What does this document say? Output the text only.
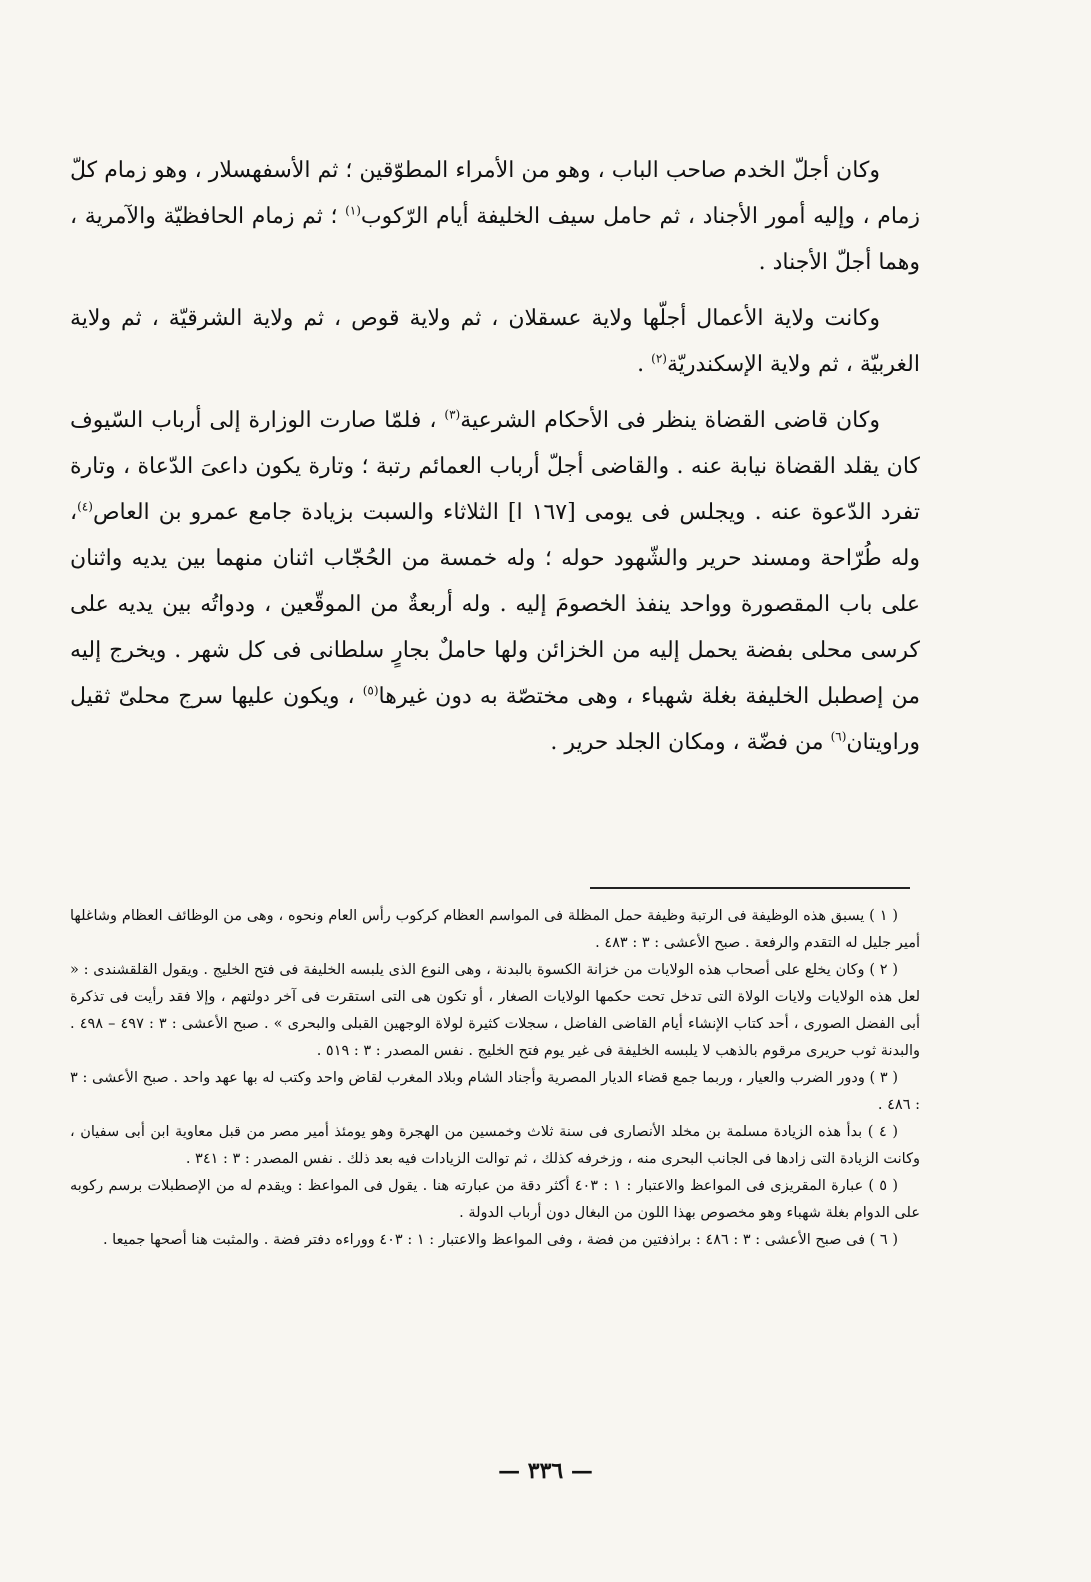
وكان أجلّ الخدم صاحب الباب ، وهو من الأمراء المطوّقين ؛ ثم الأسفهسلار ، وهو زمام كلّ زمام ، وإليه أمور الأجناد ، ثم حامل سيف الخليفة أيام الرّكوب$^{(١)}$ ؛ ثم زمام الحافظيّة والآمرية ، وهما أجلّ الأجناد .

وكانت ولاية الأعمال أجلّها ولاية عسقلان ، ثم ولاية قوص ، ثم ولاية الشرقيّة ، ثم ولاية الغربيّة ، ثم ولاية الإسكندريّة$^{(٢)}$ .

وكان قاضى القضاة ينظر فى الأحكام الشرعية$^{(٣)}$ ، فلمّا صارت الوزارة إلى أرباب السّيوف كان يقلد القضاة نيابة عنه . والقاضى أجلّ أرباب العمائم رتبة ؛ وتارة يكون داعىَ الدّعاة ، وتارة تفرد الدّعوة عنه . ويجلس فى يومى [١٦٧ ا] الثلاثاء والسبت بزيادة جامع عمرو بن العاص$^{(٤)}$، وله طُرّاحة ومسند حرير والشّهود حوله ؛ وله خمسة من الحُجّاب اثنان منهما بين يديه واثنان على باب المقصورة وواحد ينفذ الخصومَ إليه . وله أربعةٌ من الموقّعين ، ودواتُه بين يديه على كرسى محلى بفضة يحمل إليه من الخزائن ولها حاملٌ بجارٍ سلطانى فى كل شهر . ويخرج إليه من إصطبل الخليفة بغلة شهباء ، وهى مختصّة به دون غيرها$^{(٥)}$ ، ويكون عليها سرج محلىّ ثقيل وراويتان$^{(٦)}$ من فضّة ، ومكان الجلد حرير .

( ١ ) يسبق هذه الوظيفة فى الرتبة وظيفة حمل المظلة فى المواسم العظام كركوب رأس العام ونحوه ، وهى من الوظائف العظام وشاغلها أمير جليل له التقدم والرفعة . صبح الأعشى : ٣ : ٤٨٣ .

( ٢ ) وكان يخلع على أصحاب هذه الولايات من خزانة الكسوة بالبدنة ، وهى النوع الذى يلبسه الخليفة فى فتح الخليج . ويقول القلقشندى : « لعل هذه الولايات ولايات الولاة التى تدخل تحت حكمها الولايات الصغار ، أو تكون هى التى استقرت فى آخر دولتهم ، وإلا فقد رأيت فى تذكرة أبى الفضل الصورى ، أحد كتاب الإنشاء أيام القاضى الفاضل ، سجلات كثيرة لولاة الوجهين القبلى والبحرى » . صبح الأعشى : ٣ : ٤٩٧ – ٤٩٨ . والبدنة ثوب حريرى مرقوم بالذهب لا يلبسه الخليفة فى غير يوم فتح الخليج . نفس المصدر : ٣ : ٥١٩ .

( ٣ ) ودور الضرب والعيار ، وربما جمع قضاء الديار المصرية وأجناد الشام وبلاد المغرب لقاض واحد وكتب له بها عهد واحد . صبح الأعشى : ٣ : ٤٨٦ .

( ٤ ) بدأ هذه الزيادة مسلمة بن مخلد الأنصارى فى سنة ثلاث وخمسين من الهجرة وهو يومئذ أمير مصر من قبل معاوية ابن أبى سفيان ، وكانت الزيادة التى زادها فى الجانب البحرى منه ، وزخرفه كذلك ، ثم توالت الزيادات فيه بعد ذلك . نفس المصدر : ٣ : ٣٤١ .

( ٥ ) عبارة المقريزى فى المواعظ والاعتبار : ١ : ٤٠٣ أكثر دقة من عبارته هنا . يقول فى المواعظ : ويقدم له من الإصطبلات برسم ركوبه على الدوام بغلة شهباء وهو مخصوص بهذا اللون من البغال دون أرباب الدولة .

( ٦ ) فى صبح الأعشى : ٣ : ٤٨٦ : براذفتين من فضة ، وفى المواعظ والاعتبار : ١ : ٤٠٣ ووراءه دفتر فضة . والمثبت هنا أصحها جميعا .

— ٣٣٦ —
